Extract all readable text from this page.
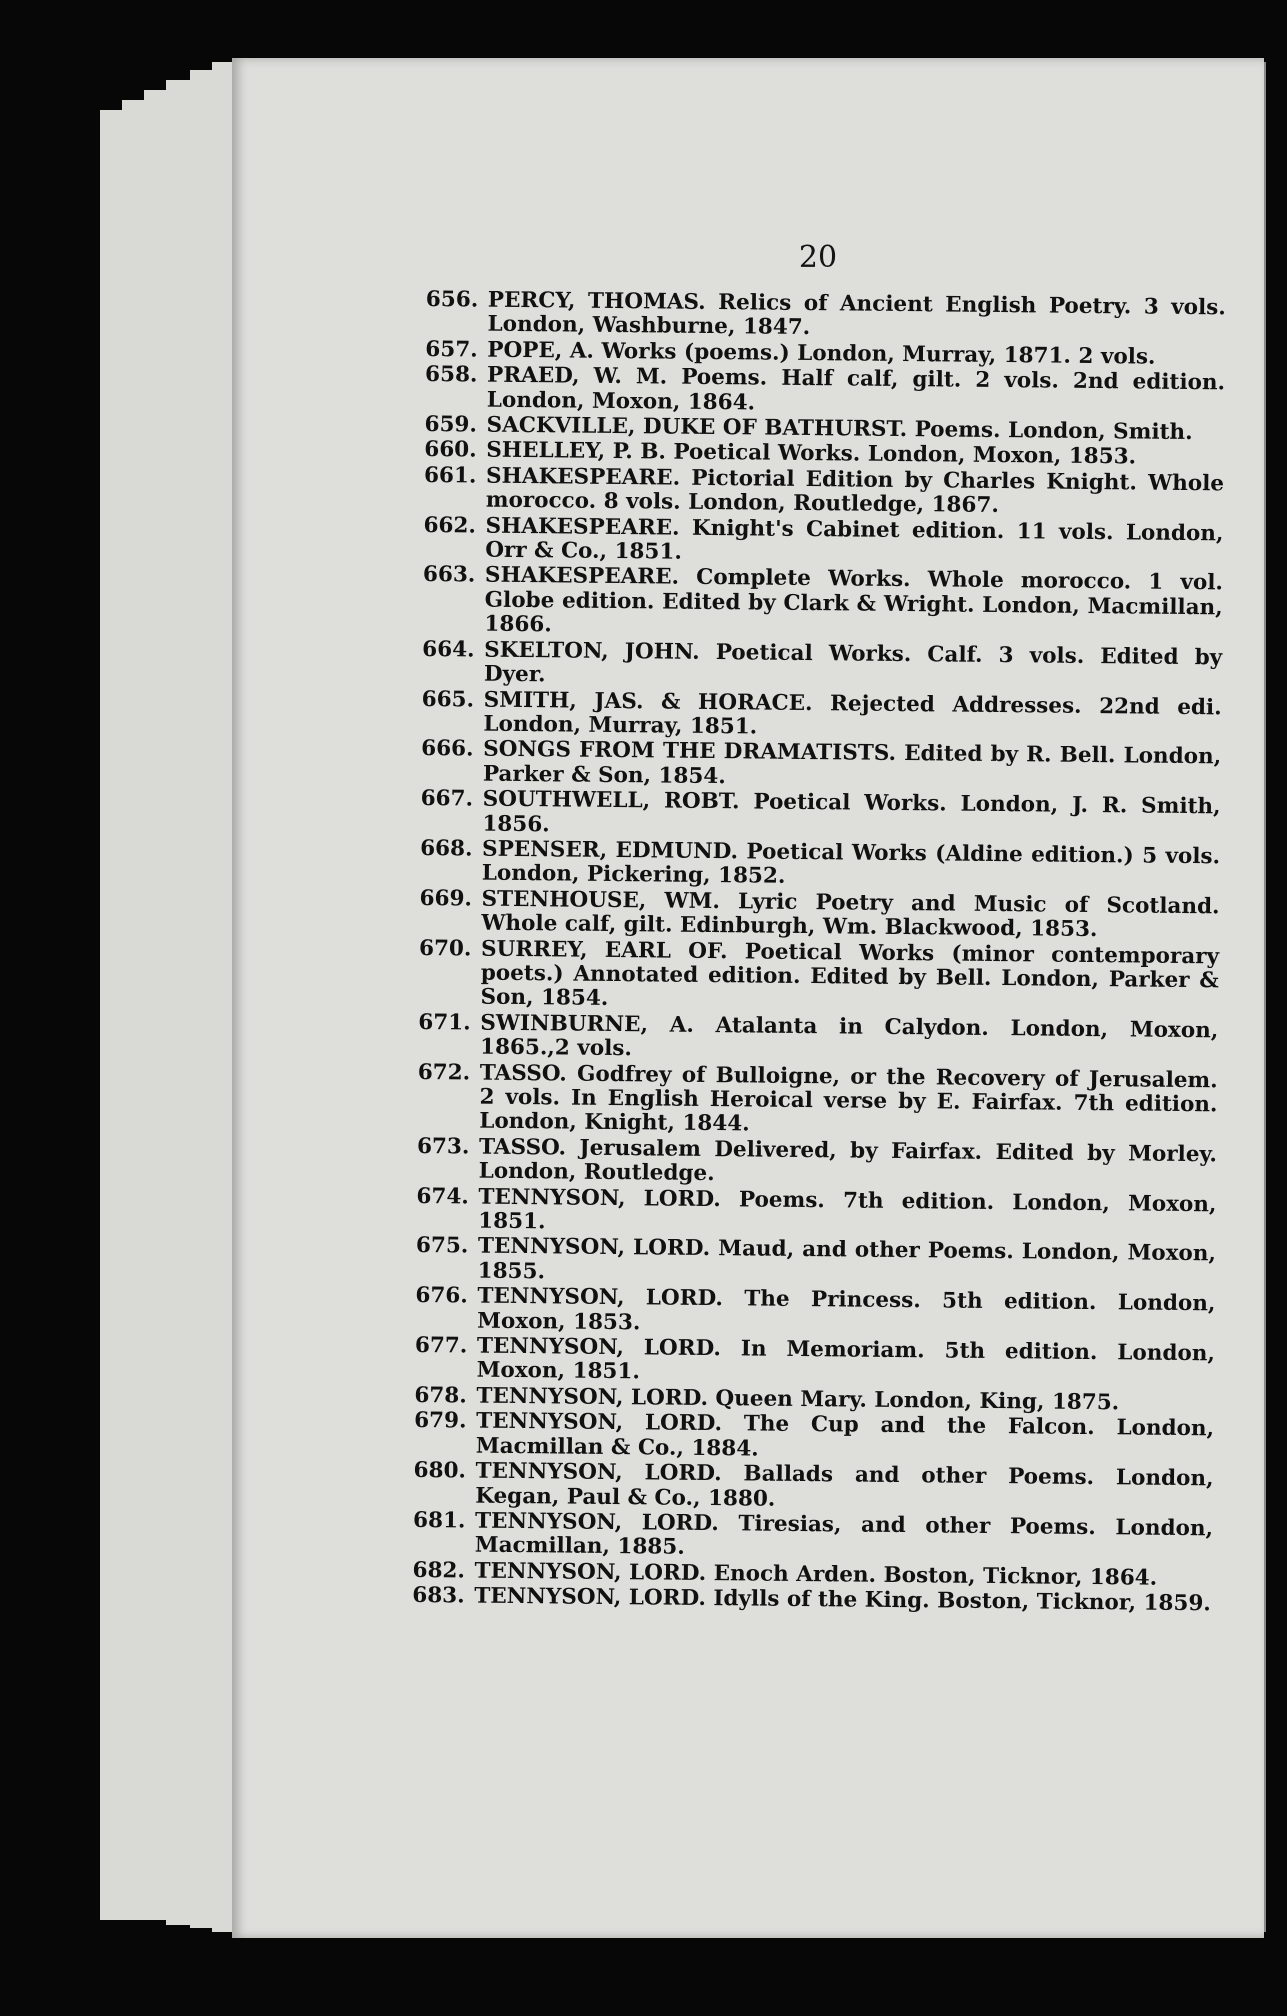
20
656. PERCY, THOMAS. Relics of Ancient English Poetry. 3 vols. London, Washburne, 1847.
657. POPE, A. Works (poems.) London, Murray, 1871. 2 vols.
658. PRAED, W. M. Poems. Half calf, gilt. 2 vols. 2nd edition. London, Moxon, 1864.
659. SACKVILLE, DUKE OF BATHURST. Poems. London, Smith.
660. SHELLEY, P. B. Poetical Works. London, Moxon, 1853.
661. SHAKESPEARE. Pictorial Edition by Charles Knight. Whole morocco. 8 vols. London, Routledge, 1867.
662. SHAKESPEARE. Knight's Cabinet edition. 11 vols. London, Orr & Co., 1851.
663. SHAKESPEARE. Complete Works. Whole morocco. 1 vol. Globe edition. Edited by Clark & Wright. London, Macmillan, 1866.
664. SKELTON, JOHN. Poetical Works. Calf. 3 vols. Edited by Dyer.
665. SMITH, JAS. & HORACE. Rejected Addresses. 22nd edi. London, Murray, 1851.
666. SONGS FROM THE DRAMATISTS. Edited by R. Bell. London, Parker & Son, 1854.
667. SOUTHWELL, ROBT. Poetical Works. London, J. R. Smith, 1856.
668. SPENSER, EDMUND. Poetical Works (Aldine edition.) 5 vols. London, Pickering, 1852.
669. STENHOUSE, WM. Lyric Poetry and Music of Scotland. Whole calf, gilt. Edinburgh, Wm. Blackwood, 1853.
670. SURREY, EARL OF. Poetical Works (minor contemporary poets.) Annotated edition. Edited by Bell. London, Parker & Son, 1854.
671. SWINBURNE, A. Atalanta in Calydon. London, Moxon, 1865.,2 vols.
672. TASSO. Godfrey of Bulloigne, or the Recovery of Jerusalem. 2 vols. In English Heroical verse by E. Fairfax. 7th edition. London, Knight, 1844.
673. TASSO. Jerusalem Delivered, by Fairfax. Edited by Morley. London, Routledge.
674. TENNYSON, LORD. Poems. 7th edition. London, Moxon, 1851.
675. TENNYSON, LORD. Maud, and other Poems. London, Moxon, 1855.
676. TENNYSON, LORD. The Princess. 5th edition. London, Moxon, 1853.
677. TENNYSON, LORD. In Memoriam. 5th edition. London, Moxon, 1851.
678. TENNYSON, LORD. Queen Mary. London, King, 1875.
679. TENNYSON, LORD. The Cup and the Falcon. London, Macmillan & Co., 1884.
680. TENNYSON, LORD. Ballads and other Poems. London, Kegan, Paul & Co., 1880.
681. TENNYSON, LORD. Tiresias, and other Poems. London, Macmillan, 1885.
682. TENNYSON, LORD. Enoch Arden. Boston, Ticknor, 1864.
683. TENNYSON, LORD. Idylls of the King. Boston, Ticknor, 1859.
